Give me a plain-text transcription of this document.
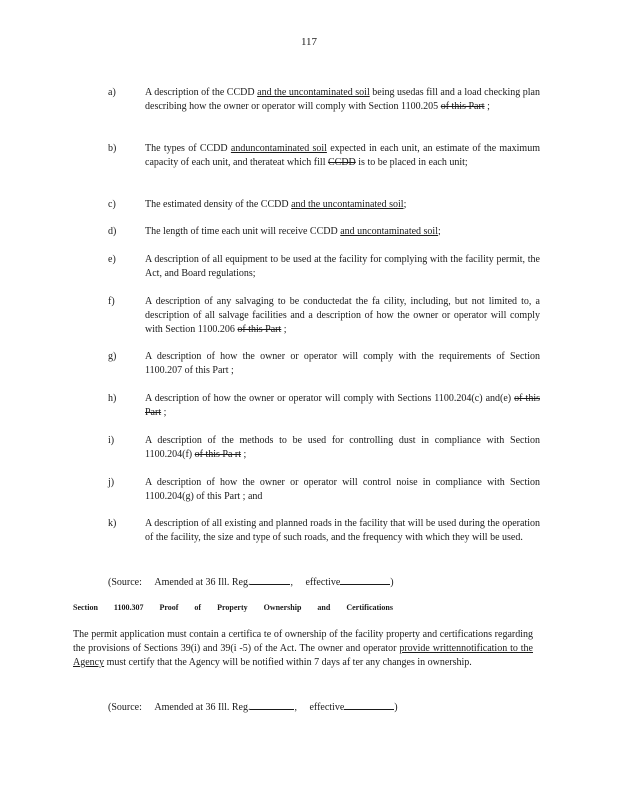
117
a)	A description of the CCDD and the uncontaminated soil being usedas fill and a load checking plan describing how the owner or operator will comply with Section 1100.205 of this Part ;
b)	The types of CCDD anduncontaminated soil expected in each unit, an estimate of the maximum capacity of each unit, and therateat which fill CCDD is to be placed in each unit;
c)	The estimated density of the CCDD and the uncontaminated soil;
d)	The length of time each unit will receive CCDD and uncontaminated soil;
e)	A description of all equipment to be used at the facility for complying with the facility permit, the Act, and Board regulations;
f)	A description of any salvaging to be conductedat the fa cility, including, but not limited to, a description of all salvage facilities and a description of how the owner or operator will comply with Section 1100.206 of this Part ;
g)	A description of how the owner or operator will comply with the requirements of Section 1100.207 of this Part ;
h)	A description of how the owner or operator will comply with Sections 1100.204(c) and(e) of this Part ;
i)	A description of the methods to be used for controlling dust in compliance with Section 1100.204(f) of this Pa rt ;
j)	A description of how the owner or operator will control noise in compliance with Section 1100.204(g) of this Part ; and
k)	A description of all existing and planned roads in the facility that will be used during the operation of the facility, the size and type of such roads, and the frequency with which they will be used.
(Source: Amended at 36 Ill. Reg.	, effective	)
Section 1100.307 Proof of Property Ownership and Certifications
The permit application must contain a certifica te of ownership of the facility property and certifications regarding the provisions of Sections 39(i) and 39(i -5) of the Act. The owner and operator provide writtennotification to the Agency must certify that the Agency will be notified within 7 days af ter any changes in ownership.
(Source: Amended at 36 Ill. Reg.	, effective	)
